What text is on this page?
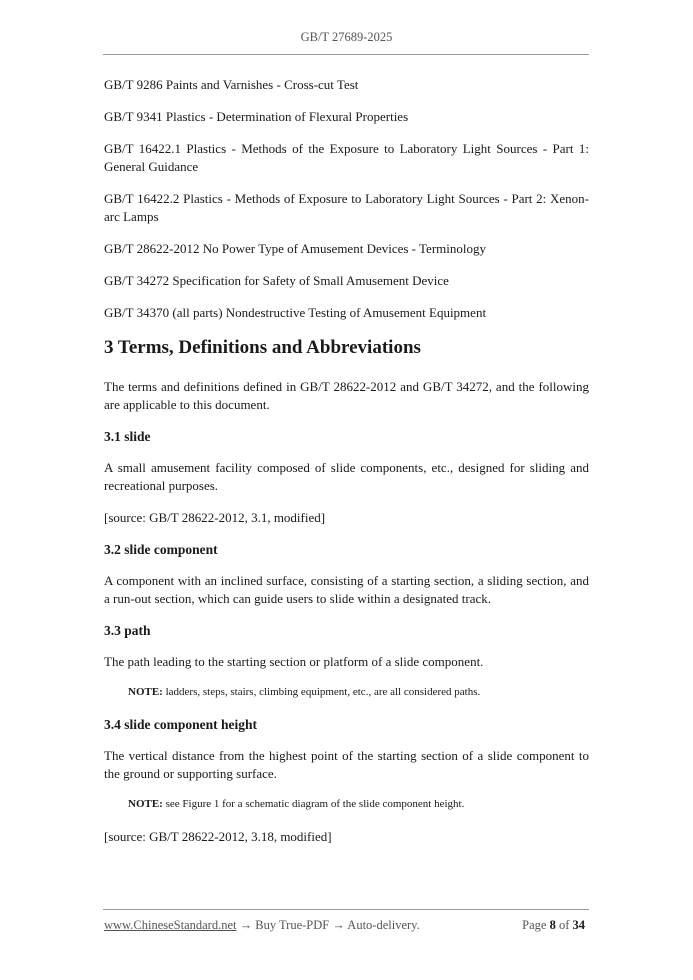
GB/T 27689-2025

GB/T 9286 Paints and Varnishes - Cross-cut Test

GB/T 9341 Plastics - Determination of Flexural Properties

GB/T 16422.1 Plastics - Methods of the Exposure to Laboratory Light Sources - Part 1: General Guidance

GB/T 16422.2 Plastics - Methods of Exposure to Laboratory Light Sources - Part 2: Xenon-arc Lamps

GB/T 28622-2012 No Power Type of Amusement Devices - Terminology

GB/T 34272 Specification for Safety of Small Amusement Device

GB/T 34370 (all parts) Nondestructive Testing of Amusement Equipment

3 Terms, Definitions and Abbreviations

The terms and definitions defined in GB/T 28622-2012 and GB/T 34272, and the following are applicable to this document.

3.1 slide

A small amusement facility composed of slide components, etc., designed for sliding and recreational purposes.

[source: GB/T 28622-2012, 3.1, modified]

3.2 slide component

A component with an inclined surface, consisting of a starting section, a sliding section, and a run-out section, which can guide users to slide within a designated track.

3.3 path

The path leading to the starting section or platform of a slide component.

NOTE: ladders, steps, stairs, climbing equipment, etc., are all considered paths.

3.4 slide component height

The vertical distance from the highest point of the starting section of a slide component to the ground or supporting surface.

NOTE: see Figure 1 for a schematic diagram of the slide component height.

[source: GB/T 28622-2012, 3.18, modified]

www.ChineseStandard.net → Buy True-PDF → Auto-delivery.	Page 8 of 34
